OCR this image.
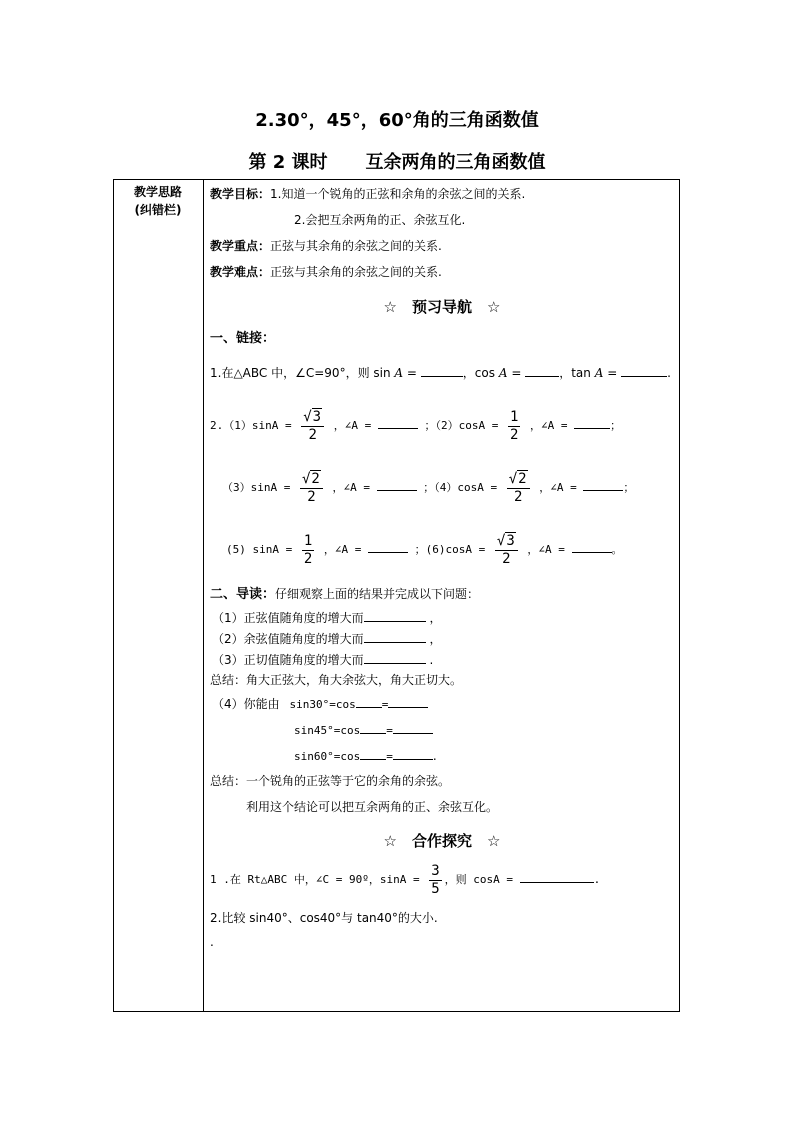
2.30°，45°，60°角的三角函数值
第 2 课时 互余两角的三角函数值
教学思路
(纠错栏)
教学目标：1.知道一个锐角的正弦和余角的余弦之间的关系.
2.会把互余两角的正、余弦互化.
教学重点：正弦与其余角的余弦之间的关系.
教学难点：正弦与其余角的余弦之间的关系.
☆　预习导航　☆
一、链接：
1.在△ABC 中，∠C=90°，则 sin A =	，cos A =	，tan A =	.
$2.(1)\sin A = \frac{√3}{2}$ ，∠A =	；$(2)\cos A = \frac{1}{2}$ ，∠A =	；
$(3)\sin A = \frac{√2}{2}$ ，∠A =	；$(4)\cos A = \frac{√2}{2}$ ，∠A =	；
(5) $\sin A = \frac{1}{2}$ ，∠A =	；$(6)\cos A = \frac{√3}{2}$ ，∠A =	。
二、导读：仔细观察上面的结果并完成以下问题：
（1）正弦值随角度的增大而	，
（2）余弦值随角度的增大而	，
（3）正切值随角度的增大而	.
总结：角大正弦大，角大余弦大，角大正切大。
（4）你能由 sin30°=cos =
sin45°=cos =
sin60°=cos =	.
总结：一个锐角的正弦等于它的余角的余弦。
利用这个结论可以把互余两角的正、余弦互化。
☆　合作探究　☆
1 .在 Rt△ABC 中，∠C = 90º，$\sin A = \frac{3}{5}$ ，则 cosA =	.
2.比较 sin40°、cos40°与 tan40°的大小.
.
